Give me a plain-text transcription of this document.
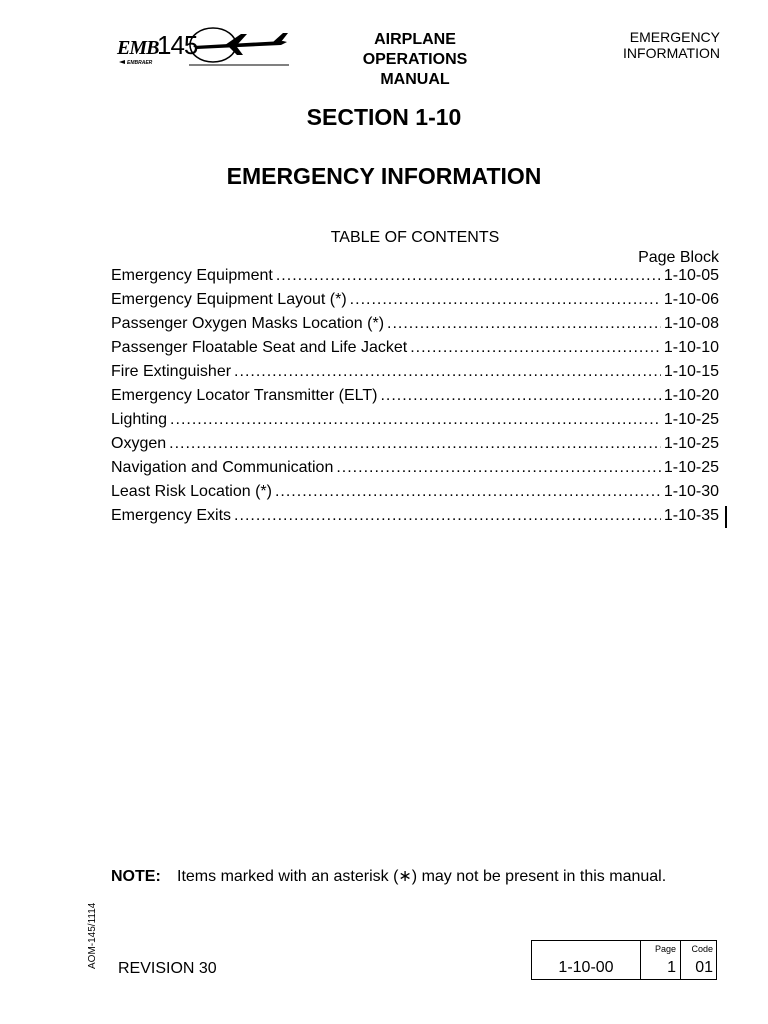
EMB
145
EMBRAER
AIRPLANE
OPERATIONS
MANUAL
EMERGENCY
INFORMATION
SECTION 1-10
EMERGENCY INFORMATION
TABLE OF CONTENTS
Page Block
Emergency Equipment .....	1-10-05
Emergency Equipment Layout (*) .....	1-10-06
Passenger Oxygen Masks Location (*) .....	1-10-08
Passenger Floatable Seat and Life Jacket .....	1-10-10
Fire Extinguisher .....	1-10-15
Emergency Locator Transmitter (ELT) .....	1-10-20
Lighting .....	1-10-25
Oxygen .....	1-10-25
Navigation and Communication .....	1-10-25
Least Risk Location (*) .....	1-10-30
Emergency Exits .....	1-10-35
NOTE: Items marked with an asterisk (∗) may not be present in this manual.
AOM-145/1114 REVISION 30	1-10-00
Page
1
Code
01
